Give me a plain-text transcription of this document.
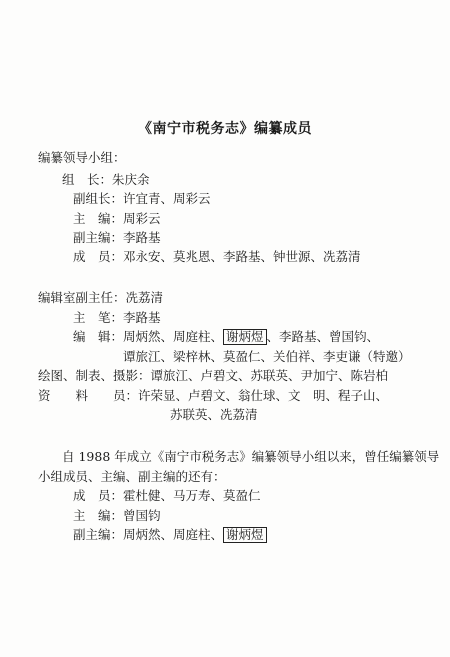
《南宁市税务志》编纂成员
编纂领导小组：
组　长：朱庆余
副组长：许宜青、周彩云
主　编：周彩云
副主编：李路基
成　员：邓永安、莫兆恩、李路基、钟世源、冼荔清
编辑室副主任：冼荔清
主　笔：李路基
编　辑：周炳然、周庭柱、 谢炳煜 、李路基、曾国钧、
谭旅江、梁梓林、莫盈仁、关伯祥、李吏谦（特邀）
绘图、制表、摄影：谭旅江、卢碧文、苏联英、尹加宁、陈岩柏
资　　料　　员：许荣显、卢碧文、翁仕球、文　明、程子山、
苏联英、冼荔清
自 1988 年成立《南宁市税务志》编纂领导小组以来，曾任编纂领导
小组成员、主编、副主编的还有：
成　员：霍杜健、马万寿、莫盈仁
主　编：曾国钧
副主编：周炳然、周庭柱、 谢炳煜
